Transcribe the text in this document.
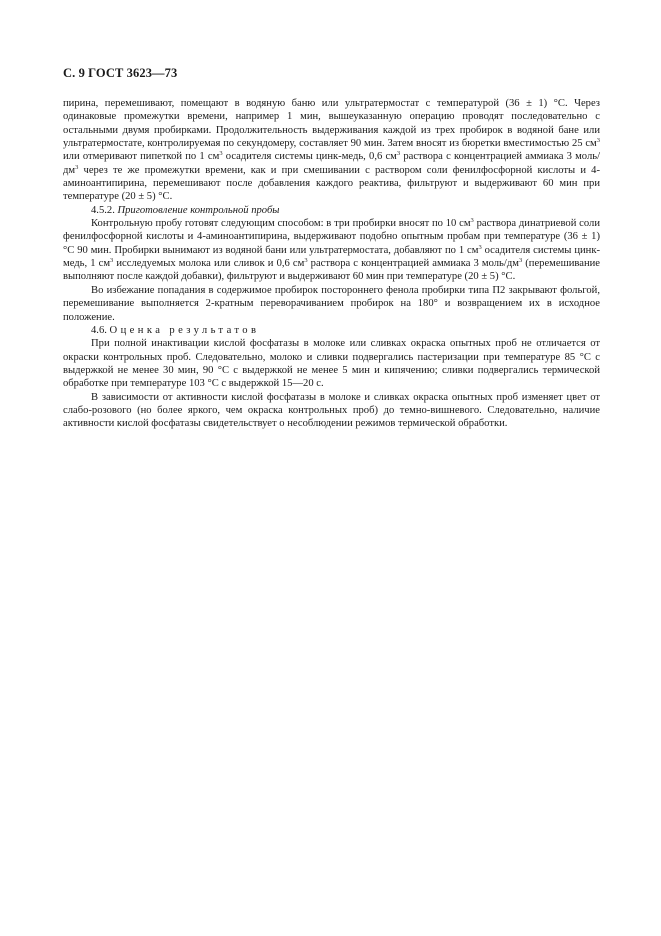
С. 9 ГОСТ 3623—73

пирина, перемешивают, помещают в водяную баню или ультратермостат с температурой (36 ± 1) °С. Через одинаковые промежутки времени, например 1 мин, вышеуказанную операцию проводят последовательно с остальными двумя пробирками. Продолжительность выдерживания каждой из трех пробирок в водяной бане или ультратермостате, контролируемая по секундомеру, составляет 90 мин. Затем вносят из бюретки вместимостью 25 $см^3$ или отмеривают пипеткой по 1 $см^3$ осадителя системы цинк-медь, 0,6 $см^3$ раствора с концентрацией аммиака 3 моль/$дм^3$ через те же промежутки времени, как и при смешивании с раствором соли фенилфосфорной кислоты и 4-аминоантипирина, перемешивают после добавления каждого реактива, фильтруют и выдерживают 60 мин при температуре (20 ± 5) °С.

4.5.2. Приготовление контрольной пробы

Контрольную пробу готовят следующим способом: в три пробирки вносят по 10 $см^3$ раствора динатриевой соли фенилфосфорной кислоты и 4-аминоантипирина, выдерживают подобно опытным пробам при температуре (36 ± 1) °С 90 мин. Пробирки вынимают из водяной бани или ультратермостата, добавляют по 1 $см^3$ осадителя системы цинк-медь, 1 $см^3$ исследуемых молока или сливок и 0,6 $см^3$ раствора с концентрацией аммиака 3 моль/$дм^3$ (перемешивание выполняют после каждой добавки), фильтруют и выдерживают 60 мин при температуре (20 ± 5) °С.

Во избежание попадания в содержимое пробирок постороннего фенола пробирки типа П2 закрывают фольгой, перемешивание выполняется 2-кратным переворачиванием пробирок на 180° и возвращением их в исходное положение.

4.6. Оценка результатов

При полной инактивации кислой фосфатазы в молоке или сливках окраска опытных проб не отличается от окраски контрольных проб. Следовательно, молоко и сливки подвергались пастеризации при температуре 85 °С с выдержкой не менее 30 мин, 90 °С с выдержкой не менее 5 мин и кипячению; сливки подвергались термической обработке при температуре 103 °С с выдержкой 15—20 с.

В зависимости от активности кислой фосфатазы в молоке и сливках окраска опытных проб изменяет цвет от слабо-розового (но более яркого, чем окраска контрольных проб) до темно-вишневого. Следовательно, наличие активности кислой фосфатазы свидетельствует о несоблюдении режимов термической обработки.
